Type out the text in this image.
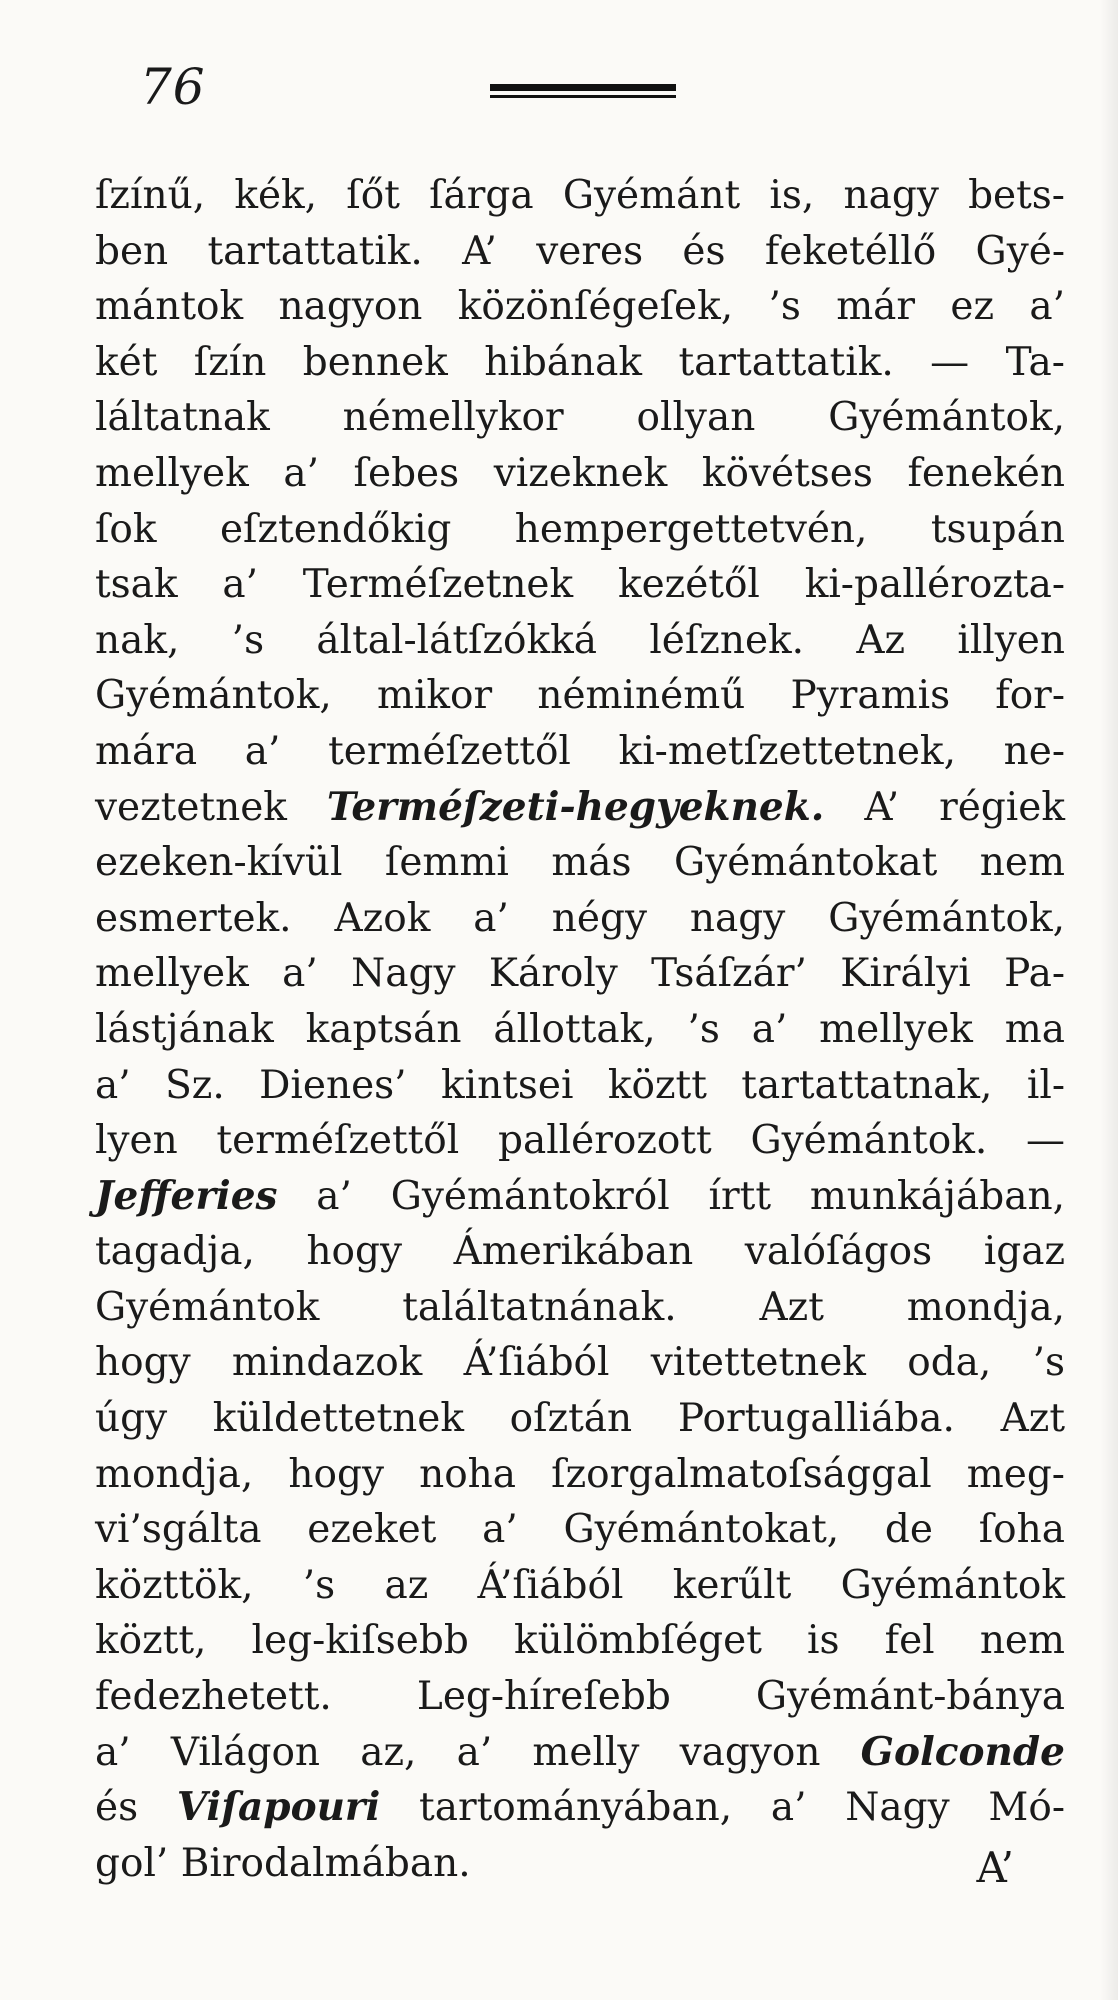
76
ſzínű, kék, ſőt ſárga Gyémánt is, nagy bets-
ben tartattatik. A’ veres és feketéllő Gyé-
mántok nagyon közönſégeſek, ’s már ez a’
két ſzín bennek hibának tartattatik. — Ta-
láltatnak némellykor ollyan Gyémántok,
mellyek a’ ſebes vizeknek kövétses fenekén
ſok eſztendőkig hempergettetvén, tsupán
tsak a’ Terméſzetnek kezétől ki-pallérozta-
nak, ’s által-látſzókká léſznek. Az illyen
Gyémántok, mikor néminémű Pyramis for-
mára a’ terméſzettől ki-metſzettetnek, ne-
veztetnek Terméſzeti-hegyeknek. A’ régiek
ezeken-kívül ſemmi más Gyémántokat nem
esmertek. Azok a’ négy nagy Gyémántok,
mellyek a’ Nagy Károly Tsáſzár’ Királyi Pa-
lástjának kaptsán állottak, ’s a’ mellyek ma
a’ Sz. Dienes’ kintsei köztt tartattatnak, il-
lyen terméſzettől pallérozott Gyémántok. —
Jefferies a’ Gyémántokról írtt munkájában,
tagadja, hogy Ámerikában valóſágos igaz
Gyémántok találtatnának. Azt mondja,
hogy mindazok Á’ſiából vitettetnek oda, ’s
úgy küldettetnek oſztán Portugalliába. Azt
mondja, hogy noha ſzorgalmatoſsággal meg-
vi’sgálta ezeket a’ Gyémántokat, de ſoha
közttök, ’s az Á’ſiából kerűlt Gyémántok
köztt, leg-kiſsebb külömbſéget is fel nem
fedezhetett. Leg-híreſebb Gyémánt-bánya
a’ Világon az, a’ melly vagyon Golconde
és Viſapouri tartományában, a’ Nagy Mó-
gol’ Birodalmában.	A’
